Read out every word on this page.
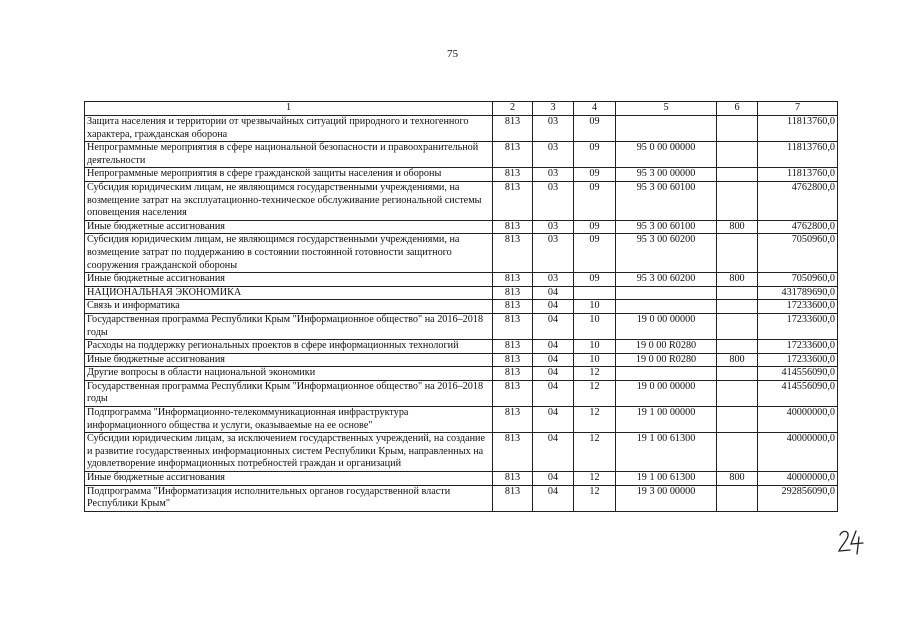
75
1	2	3	4	5	6	7
Защита населения и территории от чрезвычайных ситуаций природного и техногенного характера, гражданская оборона	813	03	09			11813760,0
Непрограммные мероприятия в сфере национальной безопасности и правоохранительной деятельности	813	03	09	95 0 00 00000		11813760,0
Непрограммные мероприятия в сфере гражданской защиты населения и обороны	813	03	09	95 3 00 00000		11813760,0
Субсидия юридическим лицам, не являющимся государственными учреждениями, на возмещение затрат на эксплуатационно-техническое обслуживание региональной системы оповещения населения	813	03	09	95 3 00 60100		4762800,0
Иные бюджетные ассигнования	813	03	09	95 3 00 60100	800	4762800,0
Субсидия юридическим лицам, не являющимся государственными учреждениями, на возмещение затрат по поддержанию в состоянии постоянной готовности защитного сооружения гражданской обороны	813	03	09	95 3 00 60200		7050960,0
Иные бюджетные ассигнования	813	03	09	95 3 00 60200	800	7050960,0
НАЦИОНАЛЬНАЯ ЭКОНОМИКА	813	04				431789690,0
Связь и информатика	813	04	10			17233600,0
Государственная программа Республики Крым "Информационное общество" на 2016–2018 годы	813	04	10	19 0 00 00000		17233600,0
Расходы на поддержку региональных проектов в сфере информационных технологий	813	04	10	19 0 00 R0280		17233600,0
Иные бюджетные ассигнования	813	04	10	19 0 00 R0280	800	17233600,0
Другие вопросы в области национальной экономики	813	04	12			414556090,0
Государственная программа Республики Крым "Информационное общество" на 2016–2018 годы	813	04	12	19 0 00 00000		414556090,0
Подпрограмма "Информационно-телекоммуникационная инфраструктура информационного общества и услуги, оказываемые на ее основе"	813	04	12	19 1 00 00000		40000000,0
Субсидии юридическим лицам, за исключением государственных учреждений, на создание и развитие государственных информационных систем Республики Крым, направленных на удовлетворение информационных потребностей граждан и организаций	813	04	12	19 1 00 61300		40000000,0
Иные бюджетные ассигнования	813	04	12	19 1 00 61300	800	40000000,0
Подпрограмма "Информатизация исполнительных органов государственной власти Республики Крым"	813	04	12	19 3 00 00000		292856090,0
